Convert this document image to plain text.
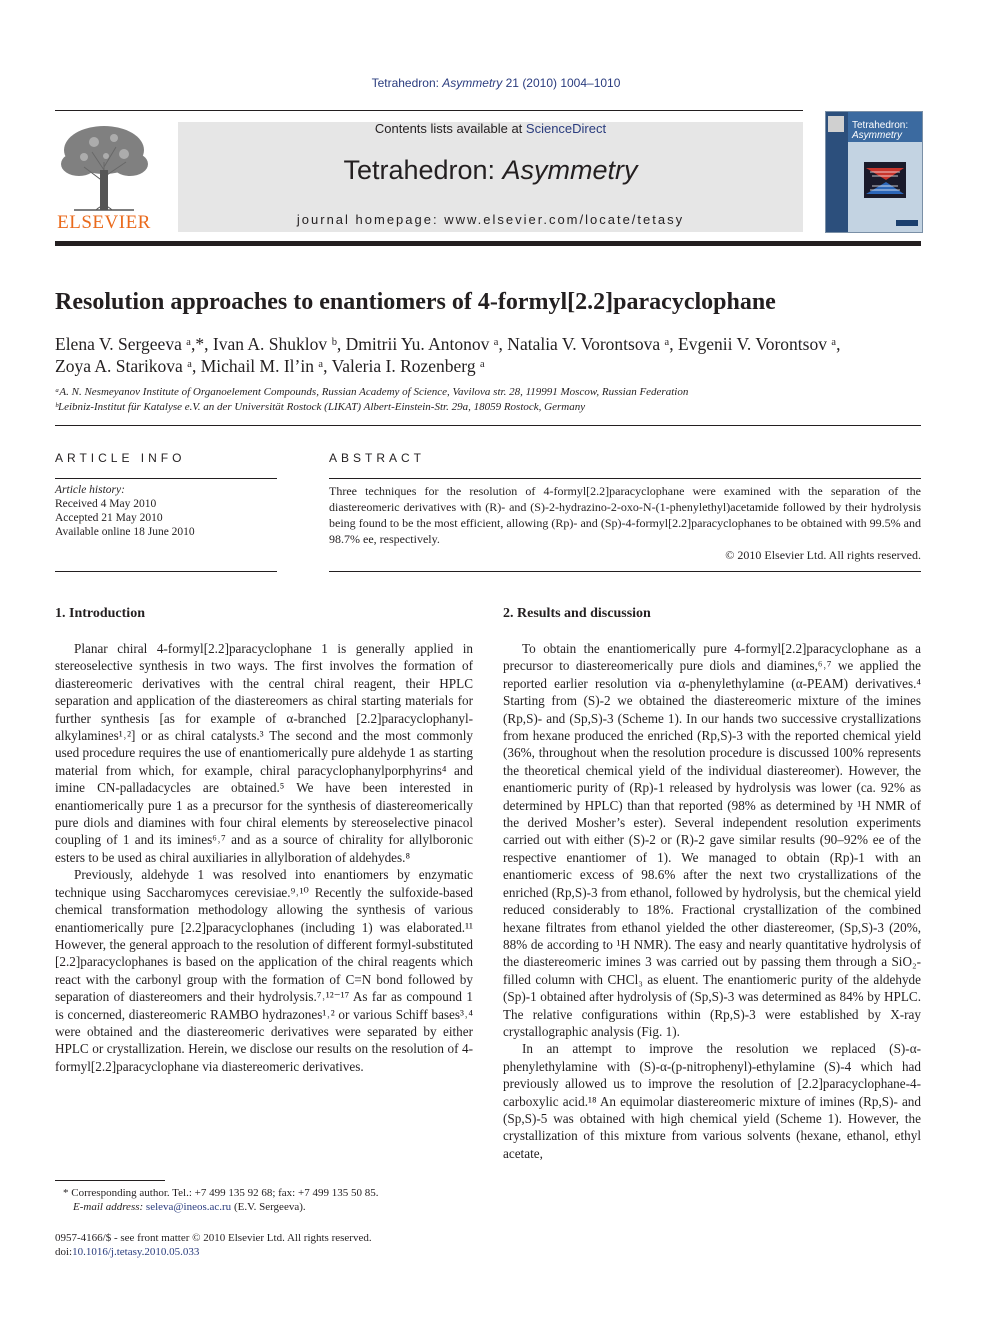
Tetrahedron: Asymmetry 21 (2010) 1004–1010
ELSEVIER
Contents lists available at ScienceDirect
Tetrahedron: Asymmetry
journal homepage: www.elsevier.com/locate/tetasy
Tetrahedron:
Asymmetry
Resolution approaches to enantiomers of 4-formyl[2.2]paracyclophane
Elena V. Sergeeva ᵃ,*, Ivan A. Shuklov ᵇ, Dmitrii Yu. Antonov ᵃ, Natalia V. Vorontsova ᵃ, Evgenii V. Vorontsov ᵃ,
Zoya A. Starikova ᵃ, Michail M. Il’in ᵃ, Valeria I. Rozenberg ᵃ
ᵃA. N. Nesmeyanov Institute of Organoelement Compounds, Russian Academy of Science, Vavilova str. 28, 119991 Moscow, Russian Federation
ᵇLeibniz-Institut für Katalyse e.V. an der Universität Rostock (LIKAT) Albert-Einstein-Str. 29a, 18059 Rostock, Germany
ARTICLE INFO
Article history:
Received 4 May 2010
Accepted 21 May 2010
Available online 18 June 2010
ABSTRACT
Three techniques for the resolution of 4-formyl[2.2]paracyclophane were examined with the separation of the diastereomeric derivatives with (R)- and (S)-2-hydrazino-2-oxo-N-(1-phenylethyl)acetamide followed by their hydrolysis being found to be the most efficient, allowing (Rp)- and (Sp)-4-formyl[2.2]paracyclophanes to be obtained with 99.5% and 98.7% ee, respectively.
© 2010 Elsevier Ltd. All rights reserved.
1. Introduction

Planar chiral 4-formyl[2.2]paracyclophane 1 is generally applied in stereoselective synthesis in two ways. The first involves the formation of diastereomeric derivatives with the central chiral reagent, their HPLC separation and application of the diastereomers as chiral starting materials for further synthesis [as for example of α-branched [2.2]paracyclophanyl-alkylamines¹˒²] or as chiral catalysts.³ The second and the most commonly used procedure requires the use of enantiomerically pure aldehyde 1 as starting material from which, for example, chiral paracyclophanylporphyrins⁴ and imine CN-palladacycles are obtained.⁵ We have been interested in enantiomerically pure 1 as a precursor for the synthesis of diastereomerically pure diols and diamines with four chiral elements by stereoselective pinacol coupling of 1 and its imines⁶˒⁷ and as a source of chirality for allylboronic esters to be used as chiral auxiliaries in allylboration of aldehydes.⁸

Previously, aldehyde 1 was resolved into enantiomers by enzymatic technique using Saccharomyces cerevisiae.⁹˒¹⁰ Recently the sulfoxide-based chemical transformation methodology allowing the synthesis of various enantiomerically pure [2.2]paracyclophanes (including 1) was elaborated.¹¹ However, the general approach to the resolution of different formyl-substituted [2.2]paracyclophanes is based on the application of the chiral reagents which react with the carbonyl group with the formation of C=N bond followed by separation of diastereomers and their hydrolysis.⁷˒¹²⁻¹⁷ As far as compound 1 is concerned, diastereomeric RAMBO hydrazones¹˒² or various Schiff bases³˒⁴ were obtained and the diastereomeric derivatives were separated by either HPLC or crystallization. Herein, we disclose our results on the resolution of 4-formyl[2.2]paracyclophane via diastereomeric derivatives.

2. Results and discussion

To obtain the enantiomerically pure 4-formyl[2.2]paracyclophane as a precursor to diastereomerically pure diols and diamines,⁶˒⁷ we applied the reported earlier resolution via α-phenylethylamine (α-PEAM) derivatives.⁴ Starting from (S)-2 we obtained the diastereomeric mixture of the imines (Rp,S)- and (Sp,S)-3 (Scheme 1). In our hands two successive crystallizations from hexane produced the enriched (Rp,S)-3 with the reported chemical yield (36%, throughout when the resolution procedure is discussed 100% represents the theoretical chemical yield of the individual diastereomer). However, the enantiomeric purity of (Rp)-1 released by hydrolysis was lower (ca. 92% as determined by HPLC) than that reported (98% as determined by ¹H NMR of the derived Mosher’s ester). Several independent resolution experiments carried out with either (S)-2 or (R)-2 gave similar results (90–92% ee of the respective enantiomer of 1). We managed to obtain (Rp)-1 with an enantiomeric excess of 98.6% after the next two crystallizations of the enriched (Rp,S)-3 from ethanol, followed by hydrolysis, but the chemical yield reduced considerably to 18%. Fractional crystallization of the combined hexane filtrates from ethanol yielded the other diastereomer, (Sp,S)-3 (20%, 88% de according to ¹H NMR). The easy and nearly quantitative hydrolysis of the diastereomeric imines 3 was carried out by passing them through a SiO₂-filled column with CHCl₃ as eluent. The enantiomeric purity of the aldehyde (Sp)-1 obtained after hydrolysis of (Sp,S)-3 was determined as 84% by HPLC. The relative configurations within (Rp,S)-3 were established by X-ray crystallographic analysis (Fig. 1).

In an attempt to improve the resolution we replaced (S)-α-phenylethylamine with (S)-α-(p-nitrophenyl)-ethylamine (S)-4 which had previously allowed us to improve the resolution of [2.2]paracyclophane-4-carboxylic acid.¹⁸ An equimolar diastereomeric mixture of imines (Rp,S)- and (Sp,S)-5 was obtained with high chemical yield (Scheme 1). However, the crystallization of this mixture from various solvents (hexane, ethanol, ethyl acetate,

* Corresponding author. Tel.: +7 499 135 92 68; fax: +7 499 135 50 85.
E-mail address: seleva@ineos.ac.ru (E.V. Sergeeva).
0957-4166/$ - see front matter © 2010 Elsevier Ltd. All rights reserved.
doi:10.1016/j.tetasy.2010.05.033
